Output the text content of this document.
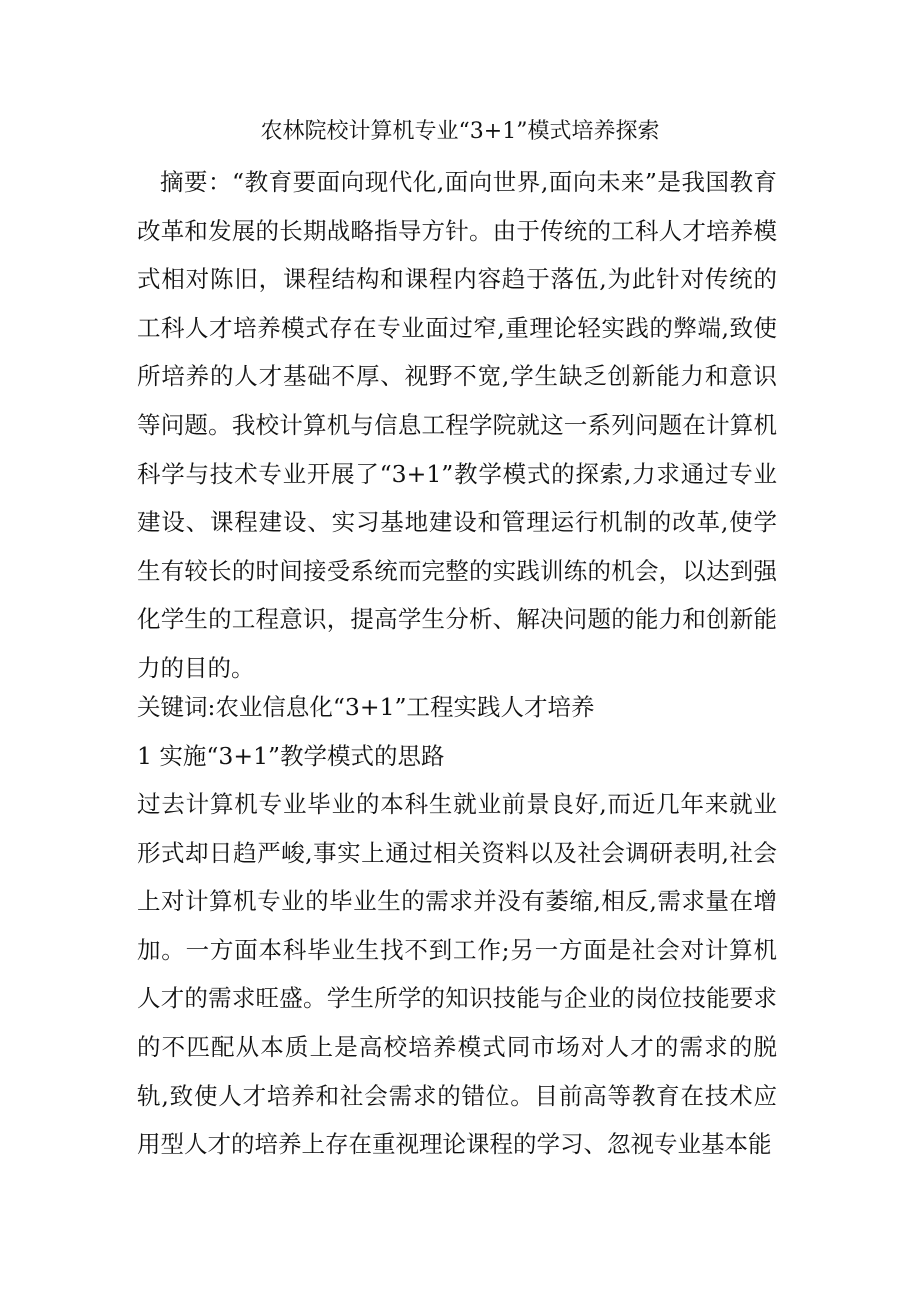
农林院校计算机专业“3+1”模式培养探索

摘要：“教育要面向现代化,面向世界,面向未来”是我国教育改革和发展的长期战略指导方针。由于传统的工科人才培养模式相对陈旧，课程结构和课程内容趋于落伍,为此针对传统的工科人才培养模式存在专业面过窄,重理论轻实践的弊端,致使所培养的人才基础不厚、视野不宽,学生缺乏创新能力和意识等问题。我校计算机与信息工程学院就这一系列问题在计算机科学与技术专业开展了“3+1”教学模式的探索,力求通过专业建设、课程建设、实习基地建设和管理运行机制的改革,使学生有较长的时间接受系统而完整的实践训练的机会，以达到强化学生的工程意识，提高学生分析、解决问题的能力和创新能力的目的。

关键词:农业信息化“3+1”工程实践人才培养

1 实施“3+1”教学模式的思路

过去计算机专业毕业的本科生就业前景良好,而近几年来就业形式却日趋严峻,事实上通过相关资料以及社会调研表明,社会上对计算机专业的毕业生的需求并没有萎缩,相反,需求量在增加。一方面本科毕业生找不到工作;另一方面是社会对计算机人才的需求旺盛。学生所学的知识技能与企业的岗位技能要求的不匹配从本质上是高校培养模式同市场对人才的需求的脱轨,致使人才培养和社会需求的错位。目前高等教育在技术应用型人才的培养上存在重视理论课程的学习、忽视专业基本能
